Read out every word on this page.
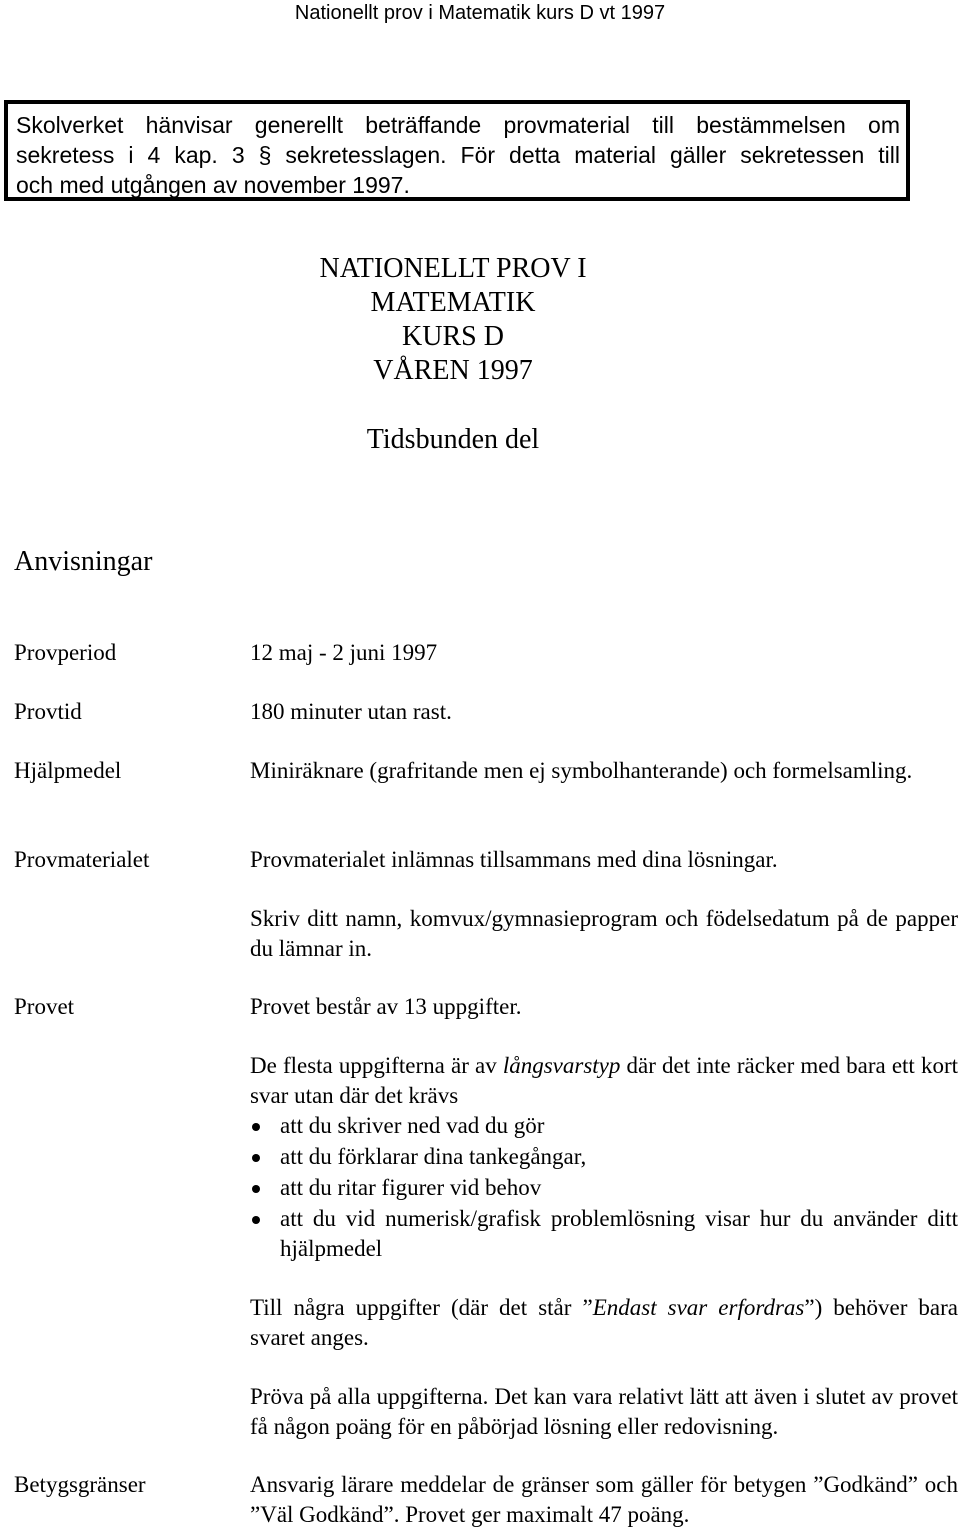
Nationellt prov i Matematik kurs D vt 1997
Skolverket hänvisar generellt beträffande provmaterial till bestämmelsen om
sekretess i 4 kap. 3 § sekretesslagen. För detta material gäller sekretessen till
och med utgången av november 1997.
NATIONELLT PROV I
MATEMATIK
KURS D
VÅREN 1997
Tidsbunden del
Anvisningar
Provperiod	12 maj - 2 juni 1997
Provtid	180 minuter utan rast.
Hjälpmedel	Miniräknare (grafritande men ej symbolhanterande) och formelsamling.
Provmaterialet	Provmaterialet inlämnas tillsammans med dina lösningar.
Skriv ditt namn, komvux/gymnasieprogram och födelsedatum på de papper du lämnar in.
Provet	Provet består av 13 uppgifter.
De flesta uppgifterna är av långsvarstyp där det inte räcker med bara ett kort svar utan där det krävs
att du skriver ned vad du gör
att du förklarar dina tankegångar,
att du ritar figurer vid behov
att du vid numerisk/grafisk problemlösning visar hur du använder ditt hjälpmedel
Till några uppgifter (där det står ”Endast svar erfordras”) behöver bara svaret anges.
Pröva på alla uppgifterna. Det kan vara relativt lätt att även i slutet av provet få någon poäng för en påbörjad lösning eller redovisning.
Betygsgränser	Ansvarig lärare meddelar de gränser som gäller för betygen ”Godkänd” och ”Väl Godkänd”. Provet ger maximalt 47 poäng.
